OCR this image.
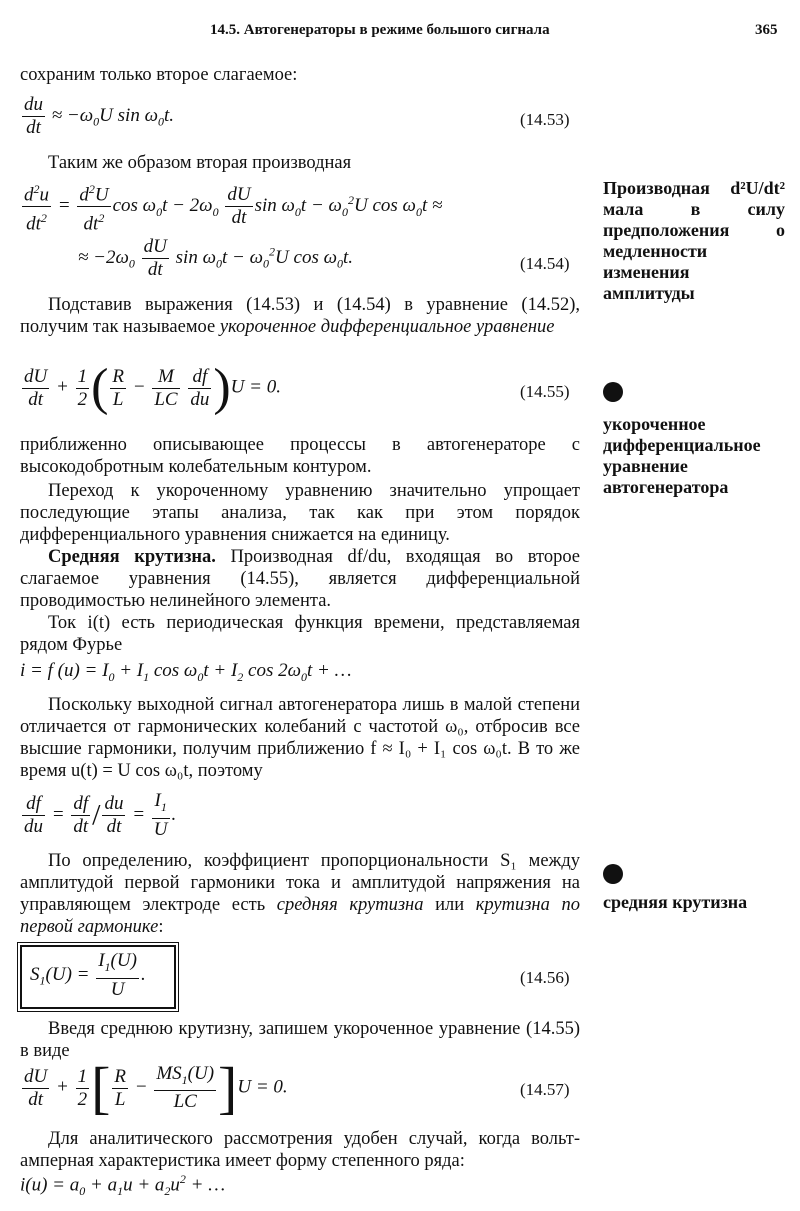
14.5. Автогенераторы в режиме большого сигнала	365
сохраним только второе слагаемое:
$\frac{du}{dt} \approx -\omega_0U$ $\sin \omega_0t$.	(14.53)
Таким же образом вторая производная
$\frac{d^2u}{dt^2} = \frac{d^2U}{dt^2}$ $\cos \omega_0t - 2\omega_0 \frac{dU}{dt}$ $\sin \omega_0t - \omega_0^2U$ $\cos \omega_0t$ ≈
≈ $-2\omega_0 \frac{dU}{dt}$ $\sin \omega_0t - \omega_0^2U$ $\cos \omega_0t$.	(14.54)
Подставив выражения (14.53) и (14.54) в уравнение (14.52), получим так называемое укороченное дифференциальное уравнение
$\frac{dU}{dt} + \frac{1}{2}$ ( $\frac{R}{L} - \frac{M}{LC}$
$\frac{df}{du} )U = 0$.	(14.55)
приближенно описывающее процессы в автогенераторе с высокодобротным колебательным контуром.
Переход к укороченному уравнению значительно упрощает последующие этапы анализа, так как при этом порядок дифференциального уравнения снижается на единицу.
Средняя крутизна. Производная df/du, входящая во второе слагаемое уравнения (14.55), является дифференциальной проводимостью нелинейного элемента.
Ток i(t) есть периодическая функция времени, представляемая рядом Фурье
i = f $(u) = I_0 + I_1$ $\cos \omega_0t + I_2$ $\cos 2\omega_0t$ + …
Поскольку выходной сигнал автогенератора лишь в малой степени отличается от гармонических колебаний с частотой ω₀, отбросив все высшие гармоники, получим приближенио f ≈ I₀ + I₁ cos ω₀t. В то же время u(t) = U cos ω₀t, поэтому
$\frac{df}{du} = \frac{df}{dt} / \frac{du}{dt} = \frac{I_1}{U}$ .
По определению, коэффициент пропорциональности S₁ между амплитудой первой гармоники тока и амплитудой напряжения на управляющем электроде есть средняя крутизна или крутизна по первой гармонике:
$S_1(U) = \frac{I_1(U)}{U}$ .	(14.56)
Введя среднюю крутизну, запишем укороченное уравнение (14.55) в виде
$\frac{dU}{dt} + \frac{1}{2}$ [ $\frac{R}{L} - \frac{MS_1(U)}{LC} ]U = 0$.	(14.57)
Для аналитического рассмотрения удобен случай, когда вольт-амперная характеристика имеет форму степенного ряда:
$i(u) = a_0 + a_1u + a_2u^2$ + …
Производная d²U/dt² мала в силу предположения о медленности изменения амплитуды
укороченное дифференциальное уравнение автогенератора
средняя крутизна
